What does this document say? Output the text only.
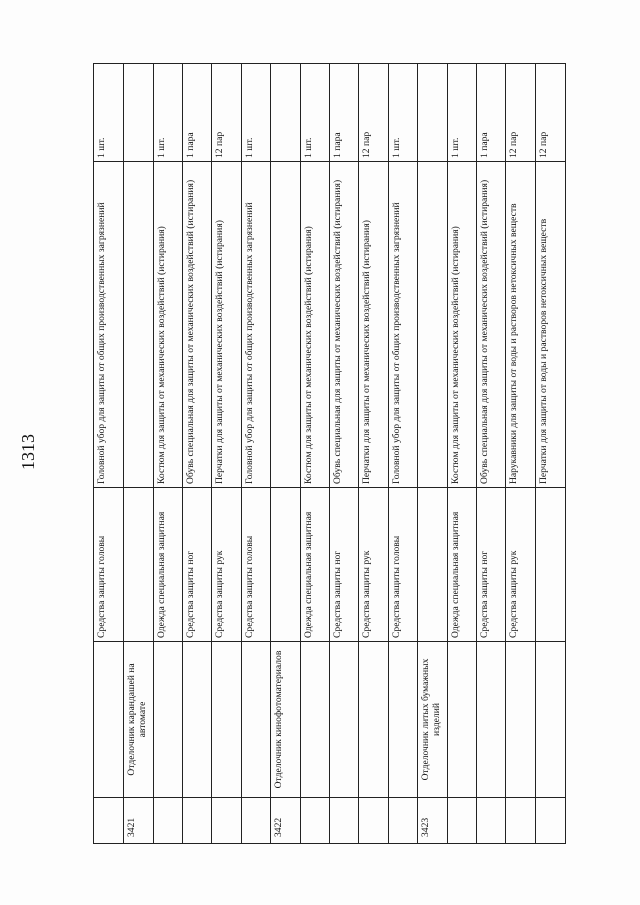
1313
		Средства защиты головы	Головной убор для защиты от общих производственных загрязнений	1 шт.
3421	Отделочник карандашей на автомате			
		Одежда специальная защитная	Костюм для защиты от механических воздействий (истирания)	1 шт.
		Средства защиты ног	Обувь специальная для защиты от механических воздействий (истирания)	1 пара
		Средства защиты рук	Перчатки для защиты от механических воздействий (истирания)	12 пар
		Средства защиты головы	Головной убор для защиты от общих производственных загрязнений	1 шт.
3422	Отделочник кинофотоматериалов			
		Одежда специальная защитная	Костюм для защиты от механических воздействий (истирания)	1 шт.
		Средства защиты ног	Обувь специальная для защиты от механических воздействий (истирания)	1 пара
		Средства защиты рук	Перчатки для защиты от механических воздействий (истирания)	12 пар
		Средства защиты головы	Головной убор для защиты от общих производственных загрязнений	1 шт.
3423	Отделочник литых бумажных изделий			
		Одежда специальная защитная	Костюм для защиты от механических воздействий (истирания)	1 шт.
		Средства защиты ног	Обувь специальная для защиты от механических воздействий (истирания)	1 пара
		Средства защиты рук	Нарукавники для защиты от воды и растворов нетоксичных веществ	12 пар
			Перчатки для защиты от воды и растворов нетоксичных веществ	12 пар
